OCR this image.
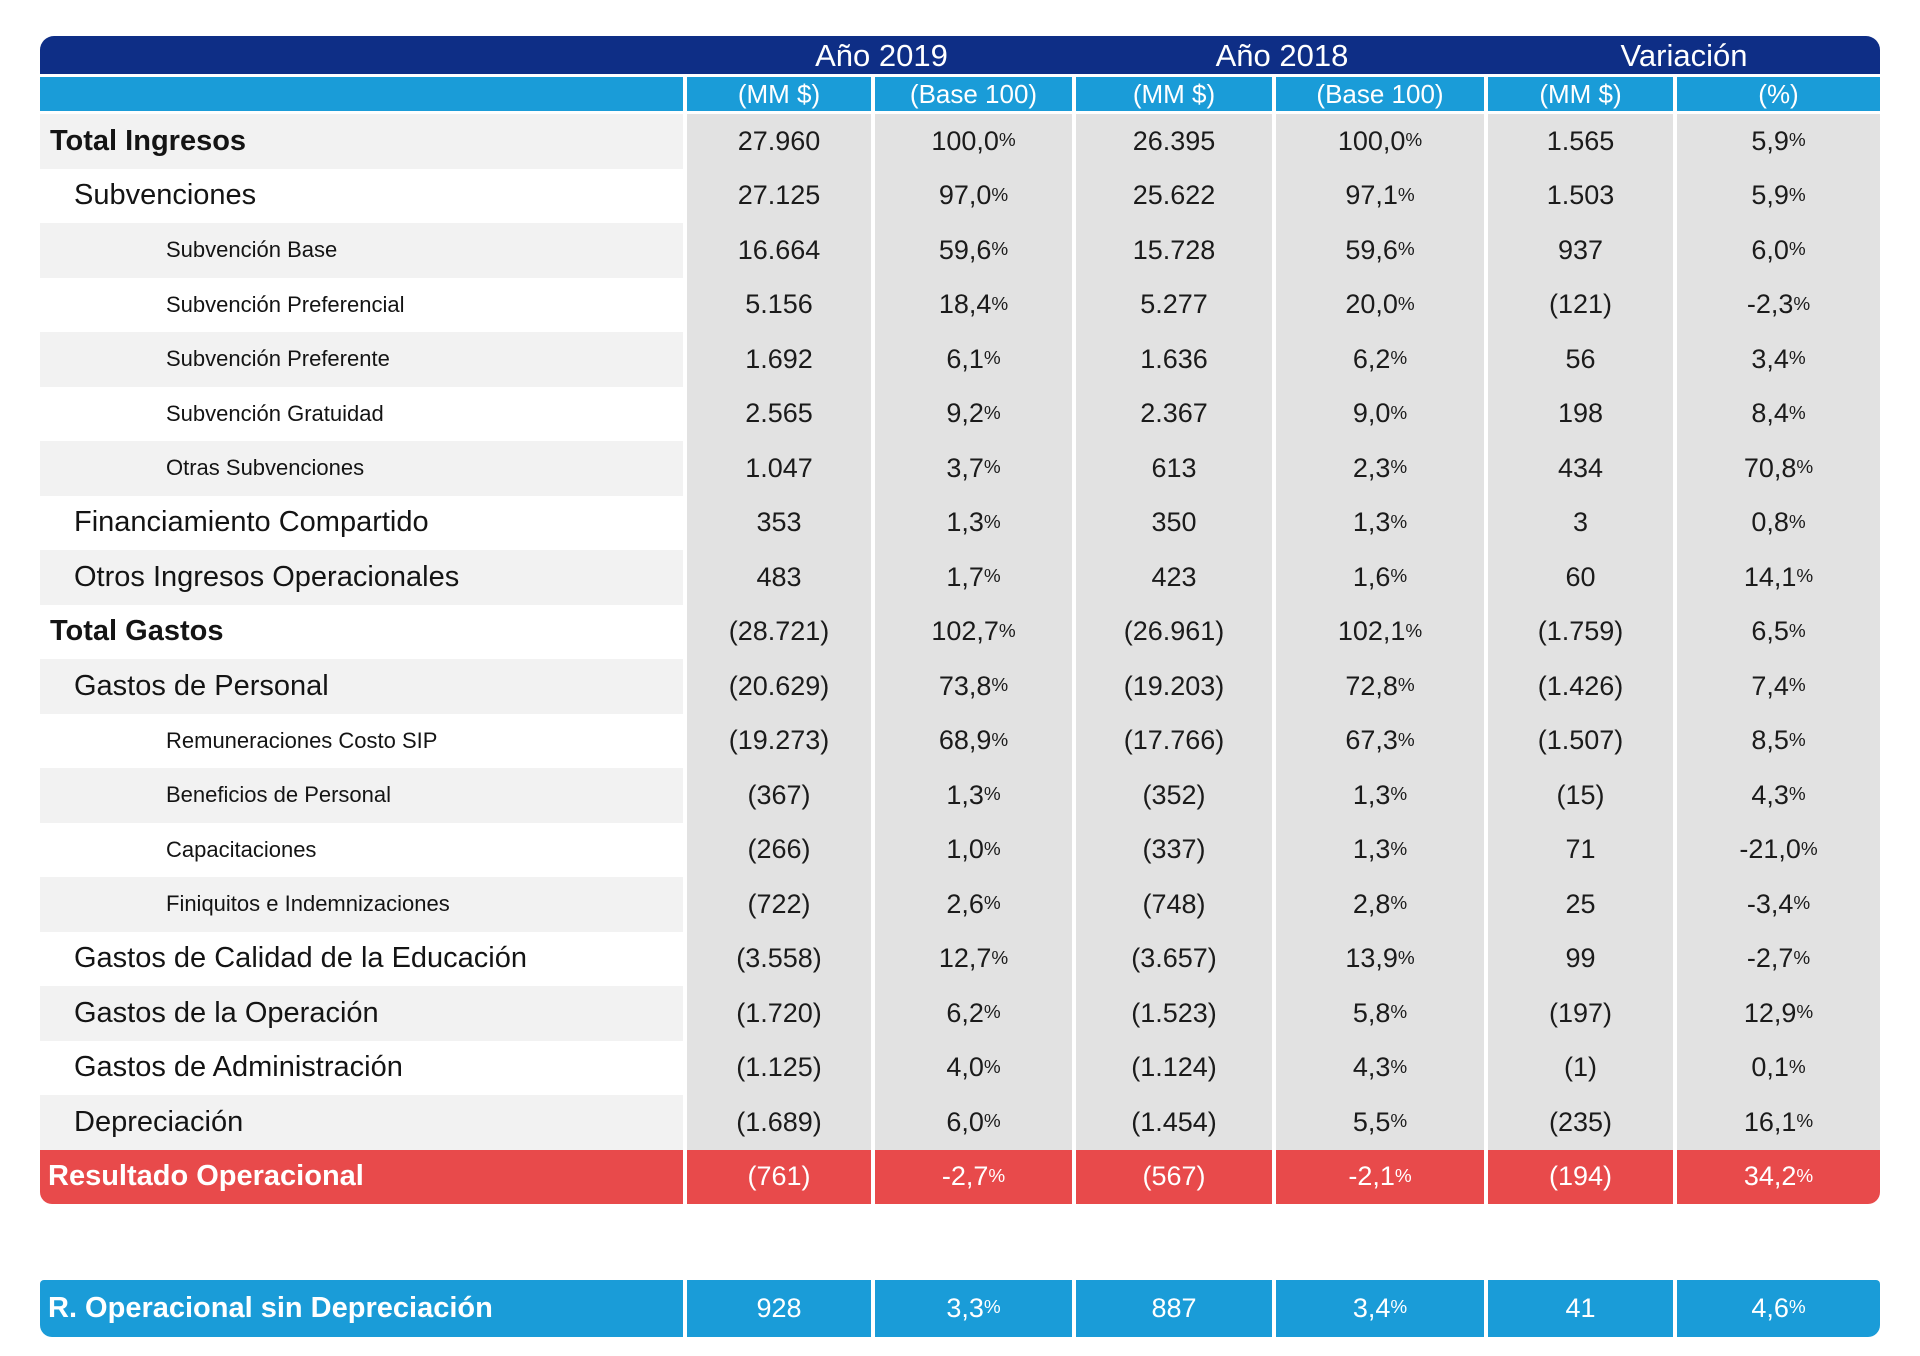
Año 2019	Año 2018	Variación
(MM $)	(Base 100)	(MM $)	(Base 100)	(MM $)	(%)
Total Ingresos	27.960	100,0 %	26.395	100,0 %	1.565	5,9 %
Subvenciones	27.125	97,0 %	25.622	97,1 %	1.503	5,9 %
Subvención Base	16.664	59,6 %	15.728	59,6 %	937	6,0 %
Subvención Preferencial	5.156	18,4 %	5.277	20,0 %	(121)	-2,3 %
Subvención Preferente	1.692	6,1 %	1.636	6,2 %	56	3,4 %
Subvención Gratuidad	2.565	9,2 %	2.367	9,0 %	198	8,4 %
Otras Subvenciones	1.047	3,7 %	613	2,3 %	434	70,8 %
Financiamiento Compartido	353	1,3 %	350	1,3 %	3	0,8 %
Otros Ingresos Operacionales	483	1,7 %	423	1,6 %	60	14,1 %
Total Gastos	(28.721)	102,7 %	(26.961)	102,1 %	(1.759)	6,5 %
Gastos de Personal	(20.629)	73,8 %	(19.203)	72,8 %	(1.426)	7,4 %
Remuneraciones Costo SIP	(19.273)	68,9 %	(17.766)	67,3 %	(1.507)	8,5 %
Beneficios de Personal	(367)	1,3 %	(352)	1,3 %	(15)	4,3 %
Capacitaciones	(266)	1,0 %	(337)	1,3 %	71	-21,0 %
Finiquitos e Indemnizaciones	(722)	2,6 %	(748)	2,8 %	25	-3,4 %
Gastos de Calidad de la Educación	(3.558)	12,7 %	(3.657)	13,9 %	99	-2,7 %
Gastos de la Operación	(1.720)	6,2 %	(1.523)	5,8 %	(197)	12,9 %
Gastos de Administración	(1.125)	4,0 %	(1.124)	4,3 %	(1)	0,1 %
Depreciación	(1.689)	6,0 %	(1.454)	5,5 %	(235)	16,1 %
Resultado Operacional	(761)	-2,7 %	(567)	-2,1 %	(194)	34,2 %
R. Operacional sin Depreciación	928	3,3 %	887	3,4 %	41	4,6 %
